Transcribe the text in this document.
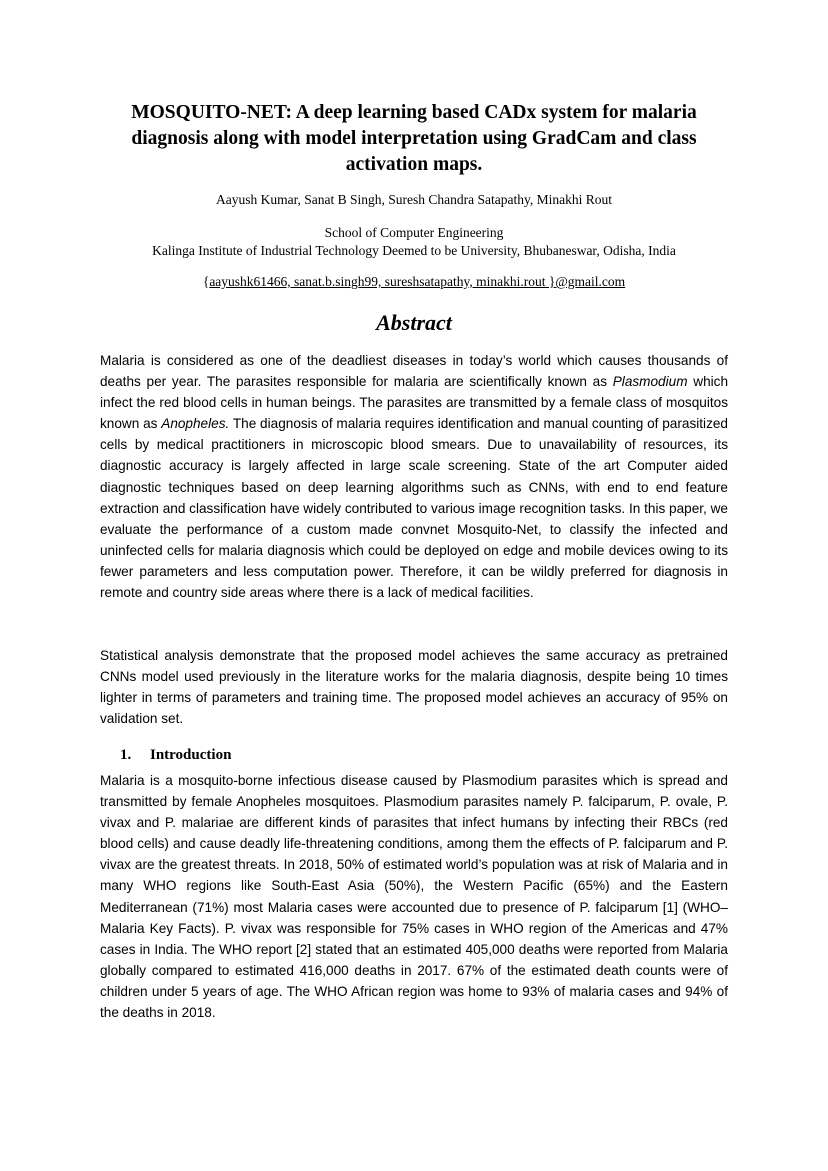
MOSQUITO-NET: A deep learning based CADx system for malaria
diagnosis along with model interpretation using GradCam and class
activation maps.
Aayush Kumar, Sanat B Singh, Suresh Chandra Satapathy, Minakhi Rout
School of Computer Engineering
Kalinga Institute of Industrial Technology Deemed to be University, Bhubaneswar, Odisha, India
{aayushk61466, sanat.b.singh99, sureshsatapathy, minakhi.rout }@gmail.com
Abstract

Malaria is considered as one of the deadliest diseases in today’s world which causes thousands of deaths per year. The parasites responsible for malaria are scientifically known as Plasmodium which infect the red blood cells in human beings. The parasites are transmitted by a female class of mosquitos known as Anopheles. The diagnosis of malaria requires identification and manual counting of parasitized cells by medical practitioners in microscopic blood smears. Due to unavailability of resources, its diagnostic accuracy is largely affected in large scale screening. State of the art Computer aided diagnostic techniques based on deep learning algorithms such as CNNs, with end to end feature extraction and classification have widely contributed to various image recognition tasks. In this paper, we evaluate the performance of a custom made convnet Mosquito-Net, to classify the infected and uninfected cells for malaria diagnosis which could be deployed on edge and mobile devices owing to its fewer parameters and less computation power. Therefore, it can be wildly preferred for diagnosis in remote and country side areas where there is a lack of medical facilities.

Statistical analysis demonstrate that the proposed model achieves the same accuracy as pretrained CNNs model used previously in the literature works for the malaria diagnosis, despite being 10 times lighter in terms of parameters and training time. The proposed model achieves an accuracy of 95% on validation set.

1. Introduction

Malaria is a mosquito-borne infectious disease caused by Plasmodium parasites which is spread and transmitted by female Anopheles mosquitoes. Plasmodium parasites namely P. falciparum, P. ovale, P. vivax and P. malariae are different kinds of parasites that infect humans by infecting their RBCs (red blood cells) and cause deadly life-threatening conditions, among them the effects of P. falciparum and P. vivax are the greatest threats. In 2018, 50% of estimated world’s population was at risk of Malaria and in many WHO regions like South-East Asia (50%), the Western Pacific (65%) and the Eastern Mediterranean (71%) most Malaria cases were accounted due to presence of P. falciparum [1] (WHO– Malaria Key Facts). P. vivax was responsible for 75% cases in WHO region of the Americas and 47% cases in India. The WHO report [2] stated that an estimated 405,000 deaths were reported from Malaria globally compared to estimated 416,000 deaths in 2017. 67% of the estimated death counts were of children under 5 years of age. The WHO African region was home to 93% of malaria cases and 94% of the deaths in 2018.
